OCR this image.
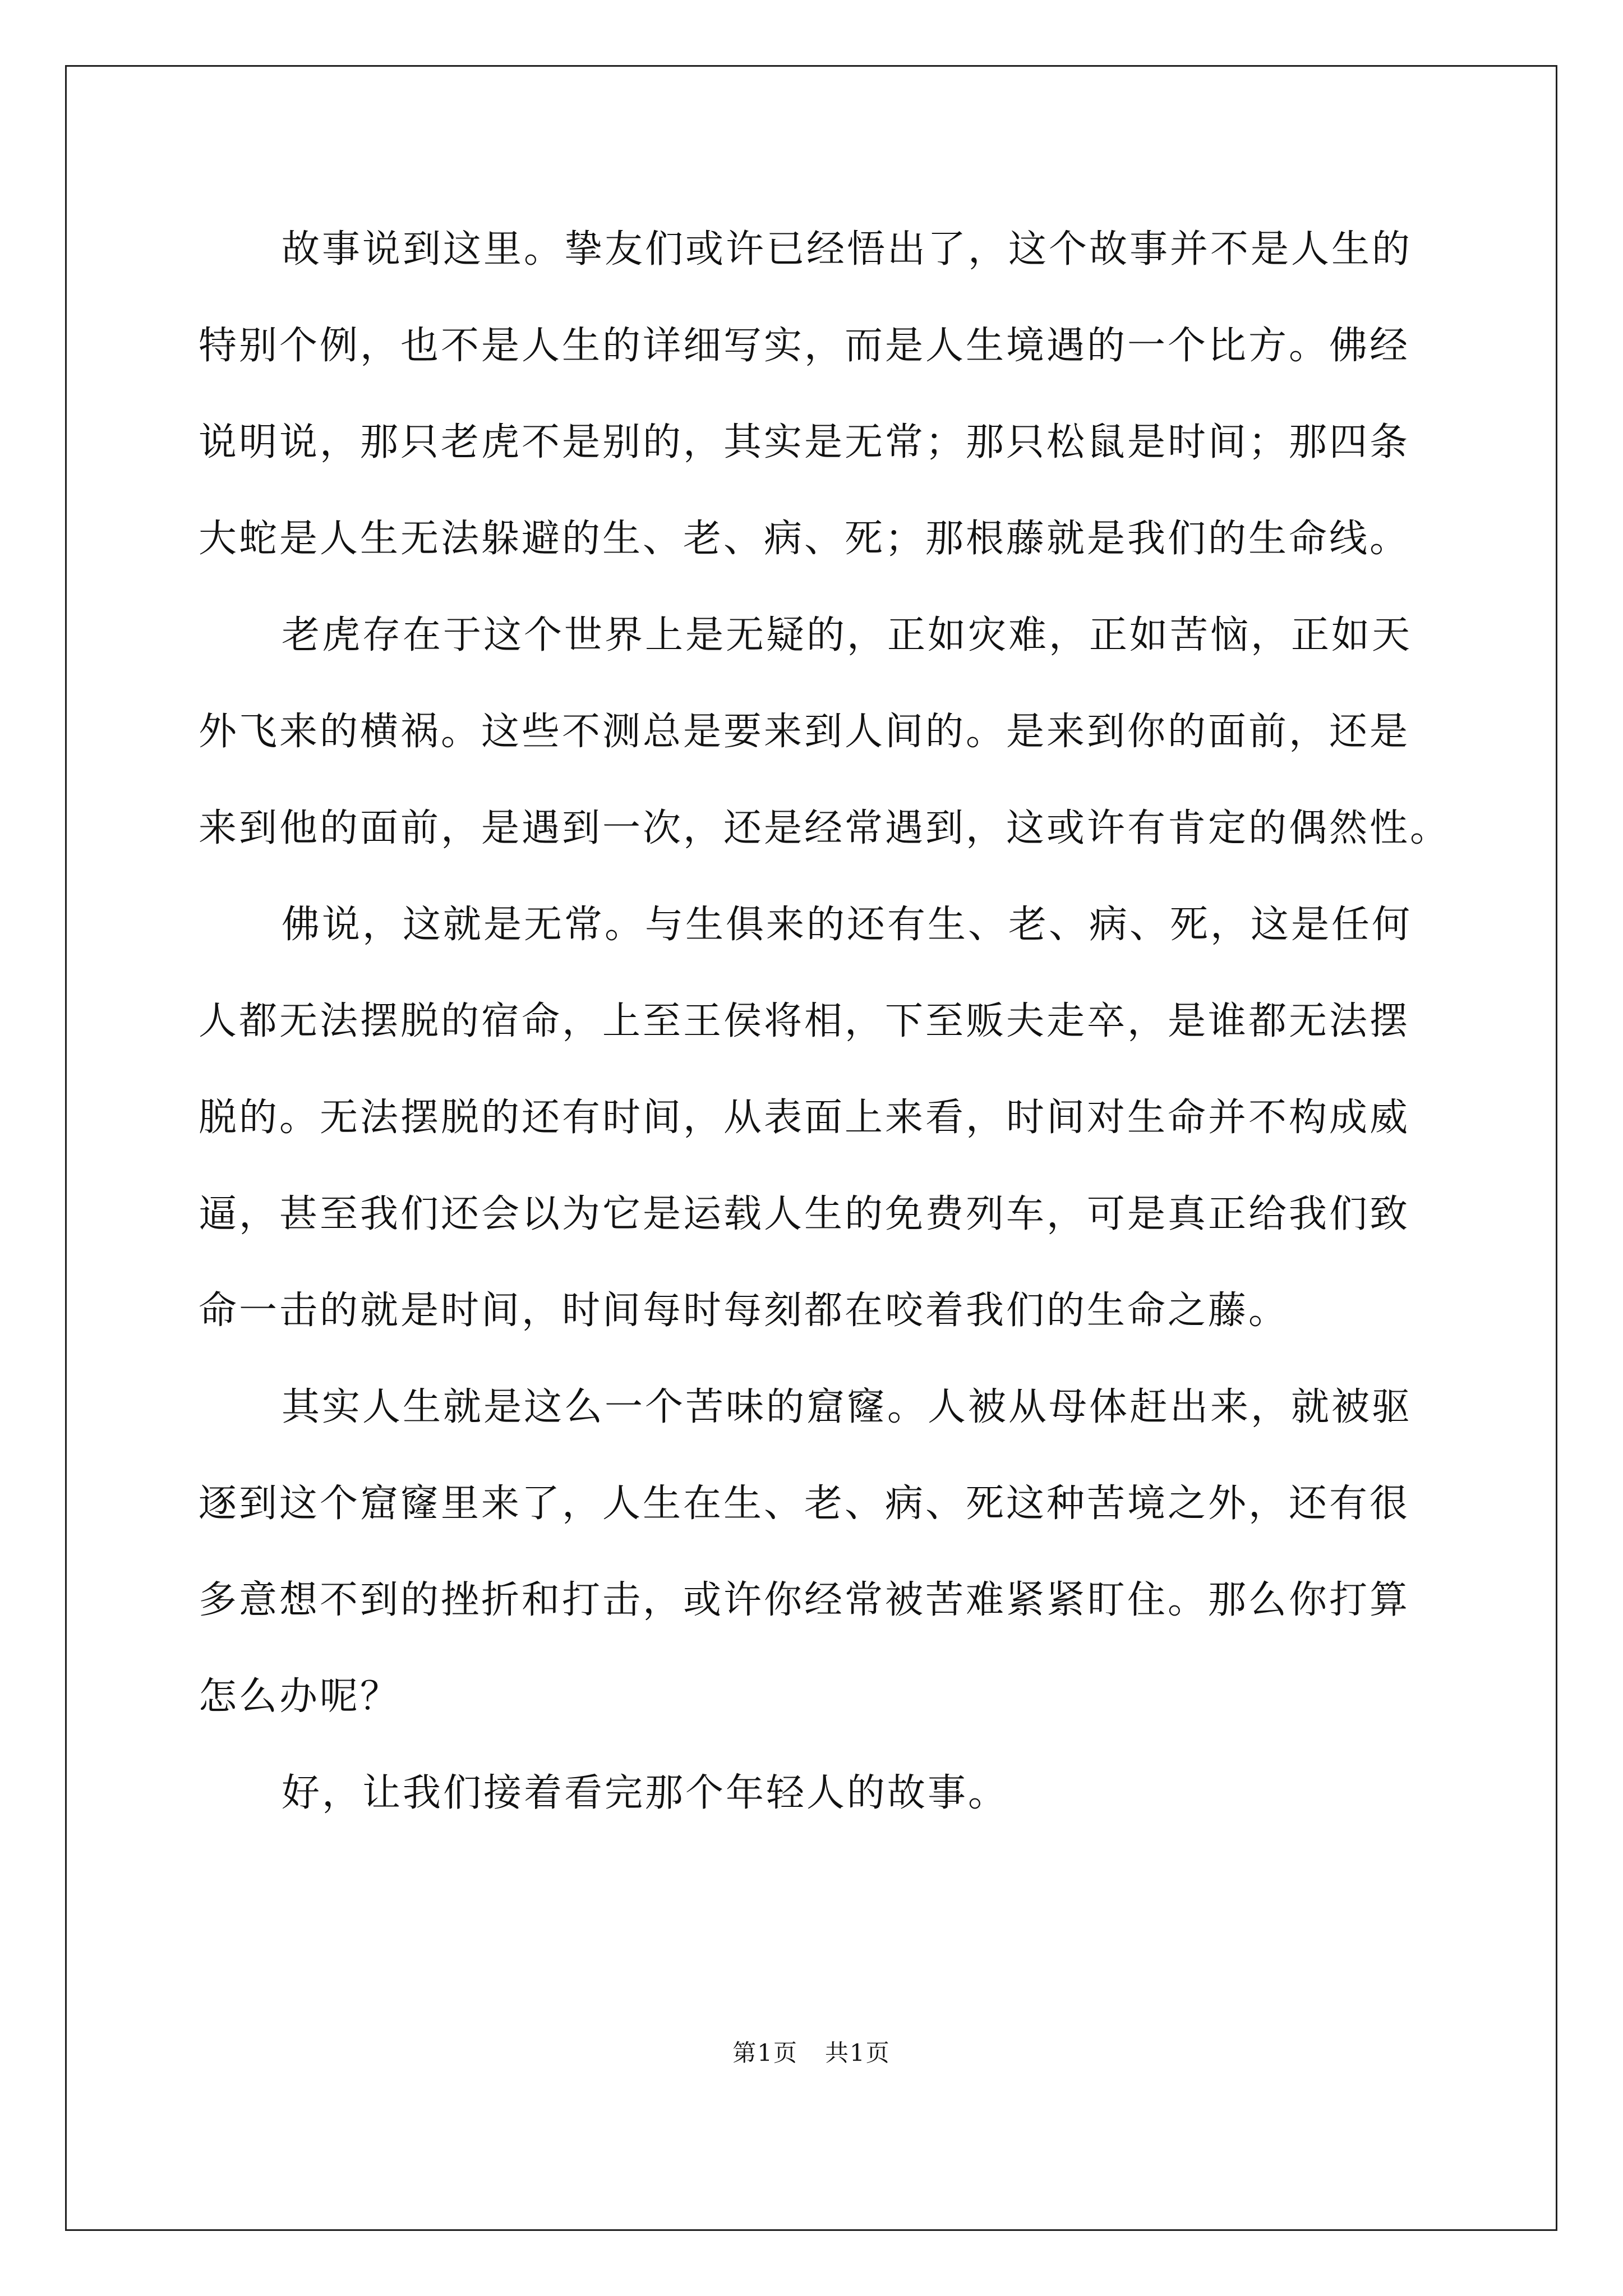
故事说到这里。挚友们或许已经悟出了，这个故事并不是人生的
特别个例，也不是人生的详细写实，而是人生境遇的一个比方。佛经
说明说，那只老虎不是别的，其实是无常；那只松鼠是时间；那四条
大蛇是人生无法躲避的生、老、病、死；那根藤就是我们的生命线。
老虎存在于这个世界上是无疑的，正如灾难，正如苦恼，正如天
外飞来的横祸。这些不测总是要来到人间的。是来到你的面前，还是
来到他的面前，是遇到一次，还是经常遇到，这或许有肯定的偶然性。
佛说，这就是无常。与生俱来的还有生、老、病、死，这是任何
人都无法摆脱的宿命，上至王侯将相，下至贩夫走卒，是谁都无法摆
脱的。无法摆脱的还有时间，从表面上来看，时间对生命并不构成威
逼，甚至我们还会以为它是运载人生的免费列车，可是真正给我们致
命一击的就是时间，时间每时每刻都在咬着我们的生命之藤。
其实人生就是这么一个苦味的窟窿。人被从母体赶出来，就被驱
逐到这个窟窿里来了，人生在生、老、病、死这种苦境之外，还有很
多意想不到的挫折和打击，或许你经常被苦难紧紧盯住。那么你打算
怎么办呢？
好，让我们接着看完那个年轻人的故事。
第1页 共1页
